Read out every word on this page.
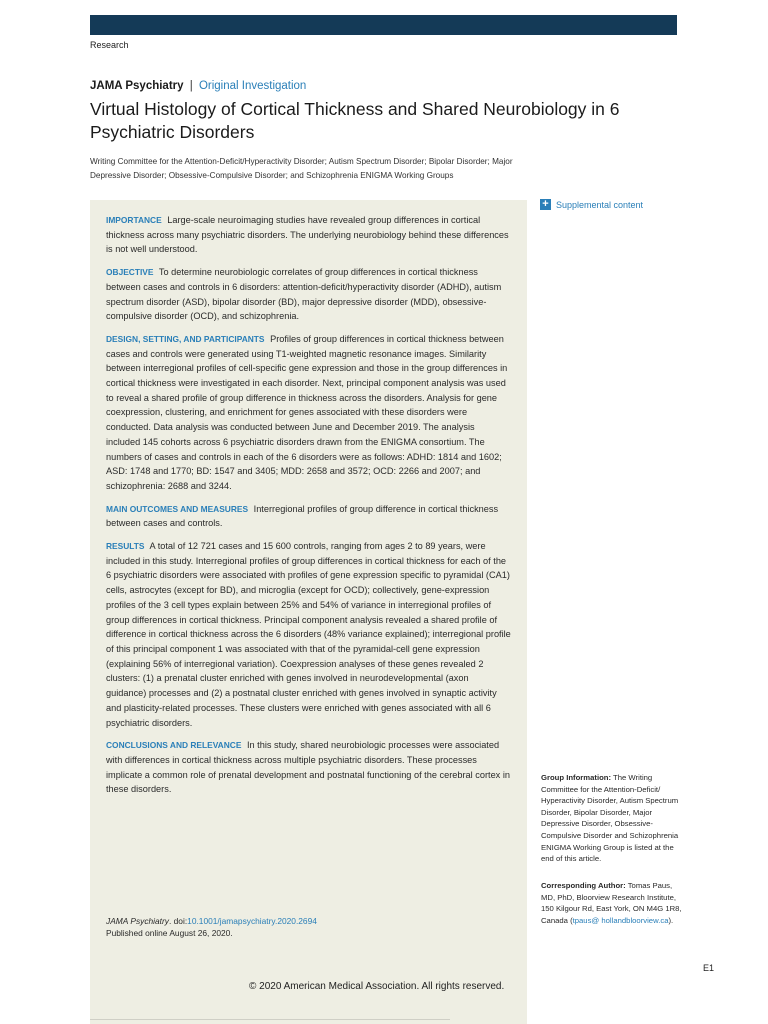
Research
JAMA Psychiatry | Original Investigation
Virtual Histology of Cortical Thickness and Shared Neurobiology in 6 Psychiatric Disorders
Writing Committee for the Attention-Deficit/Hyperactivity Disorder; Autism Spectrum Disorder; Bipolar Disorder; Major Depressive Disorder; Obsessive-Compulsive Disorder; and Schizophrenia ENIGMA Working Groups

IMPORTANCE Large-scale neuroimaging studies have revealed group differences in cortical thickness across many psychiatric disorders. The underlying neurobiology behind these differences is not well understood.

OBJECTIVE To determine neurobiologic correlates of group differences in cortical thickness between cases and controls in 6 disorders: attention-deficit/hyperactivity disorder (ADHD), autism spectrum disorder (ASD), bipolar disorder (BD), major depressive disorder (MDD), obsessive-compulsive disorder (OCD), and schizophrenia.

DESIGN, SETTING, AND PARTICIPANTS Profiles of group differences in cortical thickness between cases and controls were generated using T1-weighted magnetic resonance images. Similarity between interregional profiles of cell-specific gene expression and those in the group differences in cortical thickness were investigated in each disorder. Next, principal component analysis was used to reveal a shared profile of group difference in thickness across the disorders. Analysis for gene coexpression, clustering, and enrichment for genes associated with these disorders were conducted. Data analysis was conducted between June and December 2019. The analysis included 145 cohorts across 6 psychiatric disorders drawn from the ENIGMA consortium. The numbers of cases and controls in each of the 6 disorders were as follows: ADHD: 1814 and 1602; ASD: 1748 and 1770; BD: 1547 and 3405; MDD: 2658 and 3572; OCD: 2266 and 2007; and schizophrenia: 2688 and 3244.

MAIN OUTCOMES AND MEASURES Interregional profiles of group difference in cortical thickness between cases and controls.

RESULTS A total of 12 721 cases and 15 600 controls, ranging from ages 2 to 89 years, were included in this study. Interregional profiles of group differences in cortical thickness for each of the 6 psychiatric disorders were associated with profiles of gene expression specific to pyramidal (CA1) cells, astrocytes (except for BD), and microglia (except for OCD); collectively, gene-expression profiles of the 3 cell types explain between 25% and 54% of variance in interregional profiles of group differences in cortical thickness. Principal component analysis revealed a shared profile of difference in cortical thickness across the 6 disorders (48% variance explained); interregional profile of this principal component 1 was associated with that of the pyramidal-cell gene expression (explaining 56% of interregional variation). Coexpression analyses of these genes revealed 2 clusters: (1) a prenatal cluster enriched with genes involved in neurodevelopmental (axon guidance) processes and (2) a postnatal cluster enriched with genes involved in synaptic activity and plasticity-related processes. These clusters were enriched with genes associated with all 6 psychiatric disorders.

CONCLUSIONS AND RELEVANCE In this study, shared neurobiologic processes were associated with differences in cortical thickness across multiple psychiatric disorders. These processes implicate a common role of prenatal development and postnatal functioning of the cerebral cortex in these disorders.

JAMA Psychiatry. doi:10.1001/jamapsychiatry.2020.2694
Published online August 26, 2020.
+ Supplemental content
Group Information: The Writing Committee for the Attention-Deficit/ Hyperactivity Disorder, Autism Spectrum Disorder, Bipolar Disorder, Major Depressive Disorder, Obsessive-Compulsive Disorder and Schizophrenia ENIGMA Working Group is listed at the end of this article.
Corresponding Author: Tomas Paus, MD, PhD, Bloorview Research Institute, 150 Kilgour Rd, East York, ON M4G 1R8, Canada (tpaus@ hollandbloorview.ca).
E1
© 2020 American Medical Association. All rights reserved.
